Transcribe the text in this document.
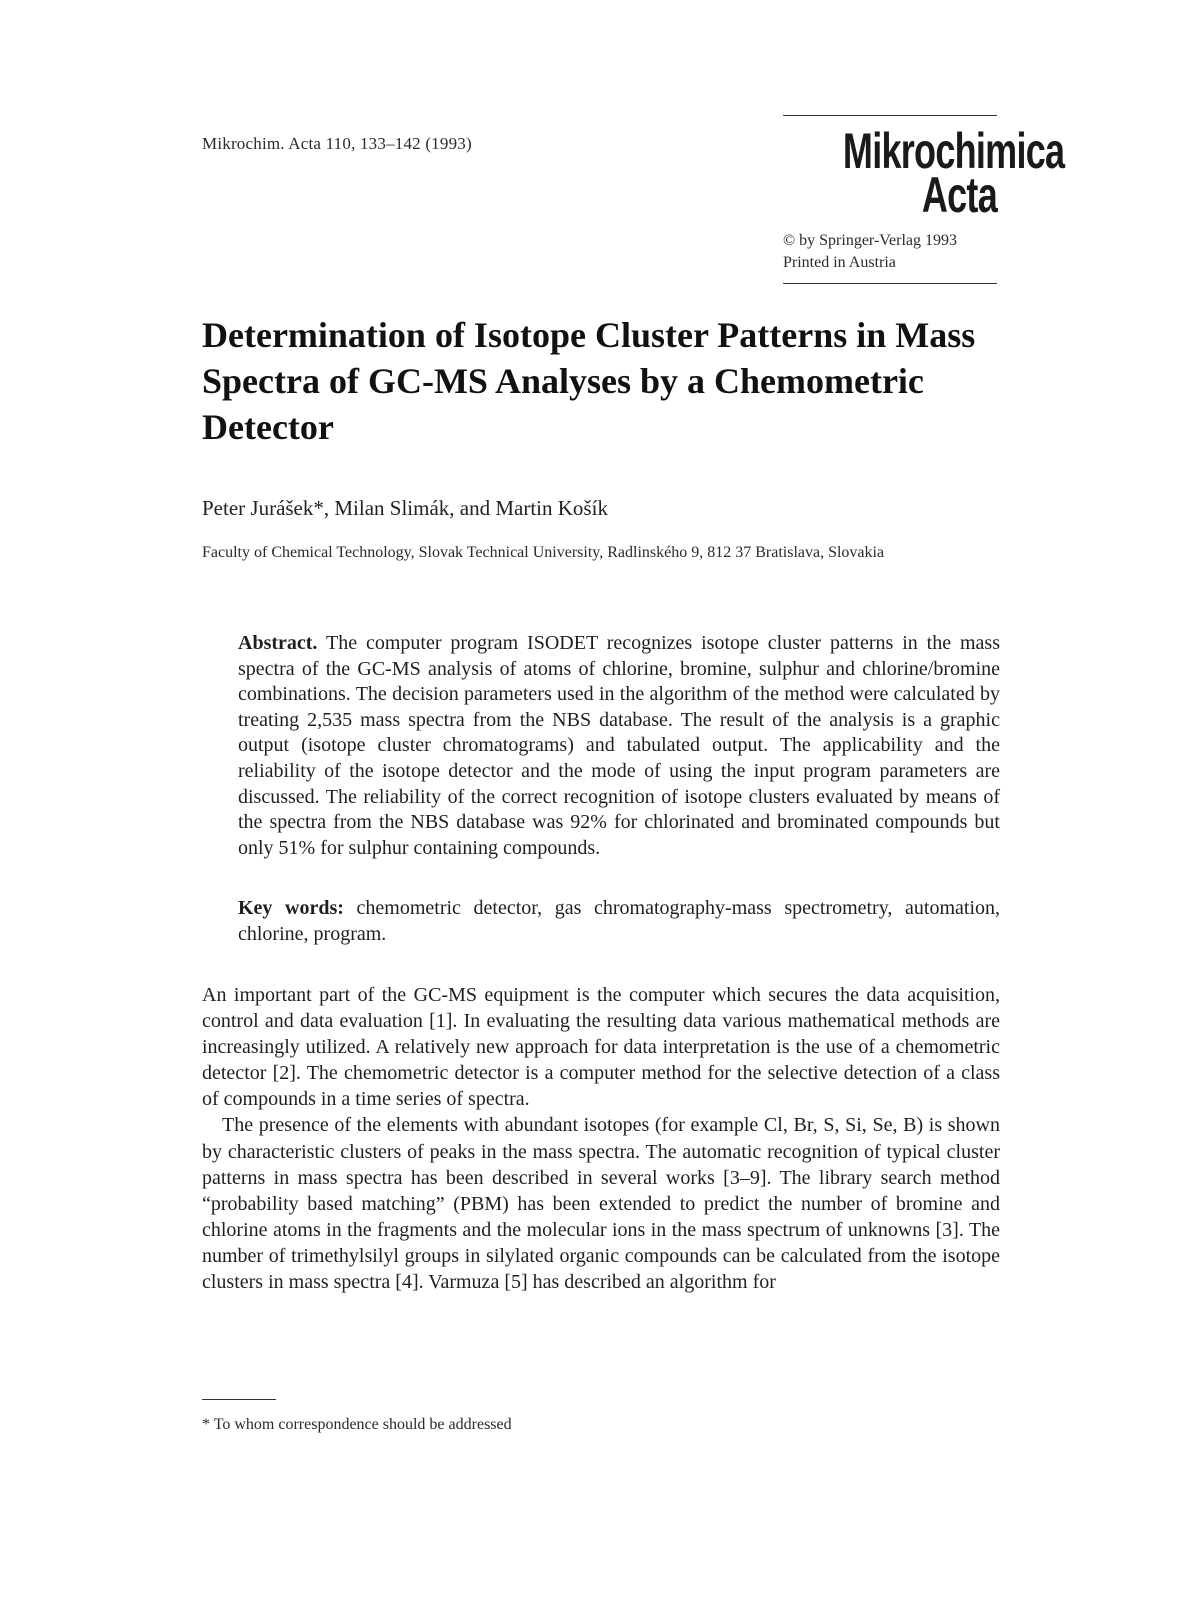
Mikrochim. Acta 110, 133–142 (1993)	Mikrochimica
Acta
© by Springer-Verlag 1993
Printed in Austria
Determination of Isotope Cluster Patterns in Mass Spectra of GC-MS Analyses by a Chemometric Detector
Peter Jurášek*, Milan Slimák, and Martin Košík
Faculty of Chemical Technology, Slovak Technical University, Radlinského 9, 812 37 Bratislava, Slovakia

Abstract. The computer program ISODET recognizes isotope cluster patterns in the mass spectra of the GC-MS analysis of atoms of chlorine, bromine, sulphur and chlorine/bromine combinations. The decision parameters used in the algorithm of the method were calculated by treating 2,535 mass spectra from the NBS database. The result of the analysis is a graphic output (isotope cluster chromatograms) and tabulated output. The applicability and the reliability of the isotope detector and the mode of using the input program parameters are discussed. The reliability of the correct recognition of isotope clusters evaluated by means of the spectra from the NBS database was 92% for chlorinated and brominated compounds but only 51% for sulphur containing compounds.

Key words: chemometric detector, gas chromatography-mass spectrometry, automation, chlorine, program.

An important part of the GC-MS equipment is the computer which secures the data acquisition, control and data evaluation [1]. In evaluating the resulting data various mathematical methods are increasingly utilized. A relatively new approach for data interpretation is the use of a chemometric detector [2]. The chemometric detector is a computer method for the selective detection of a class of compounds in a time series of spectra.

The presence of the elements with abundant isotopes (for example Cl, Br, S, Si, Se, B) is shown by characteristic clusters of peaks in the mass spectra. The automatic recognition of typical cluster patterns in mass spectra has been described in several works [3–9]. The library search method “probability based matching” (PBM) has been extended to predict the number of bromine and chlorine atoms in the fragments and the molecular ions in the mass spectrum of unknowns [3]. The number of trimethylsilyl groups in silylated organic compounds can be calculated from the isotope clusters in mass spectra [4]. Varmuza [5] has described an algorithm for

* To whom correspondence should be addressed
